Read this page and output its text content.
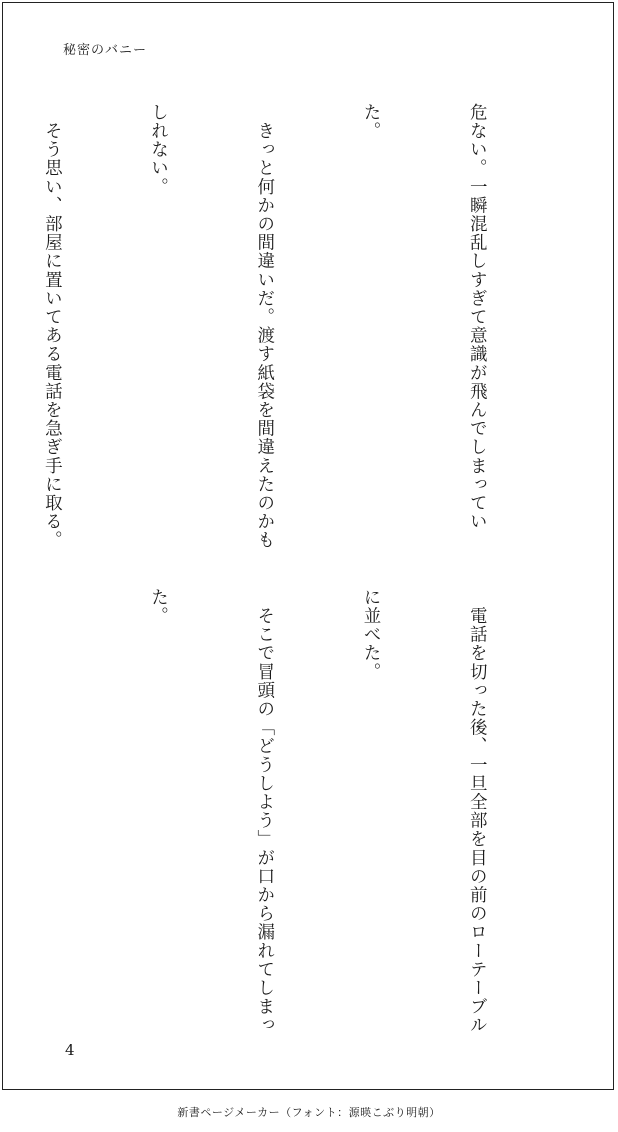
秘密のバニー

危ない。一瞬混乱しすぎて意識が飛んでしまってい

た。

　きっと何かの間違いだ。渡す紙袋を間違えたのかも

しれない。

　そう思い、部屋に置いてある電話を急ぎ手に取る。

　電話を切った後、一旦全部を目の前のローテーブル

に並べた。

　そこで冒頭の「どうしよう」が口から漏れてしまっ

た。

4
新書ページメーカー（フォント：源暎こぶり明朝）
